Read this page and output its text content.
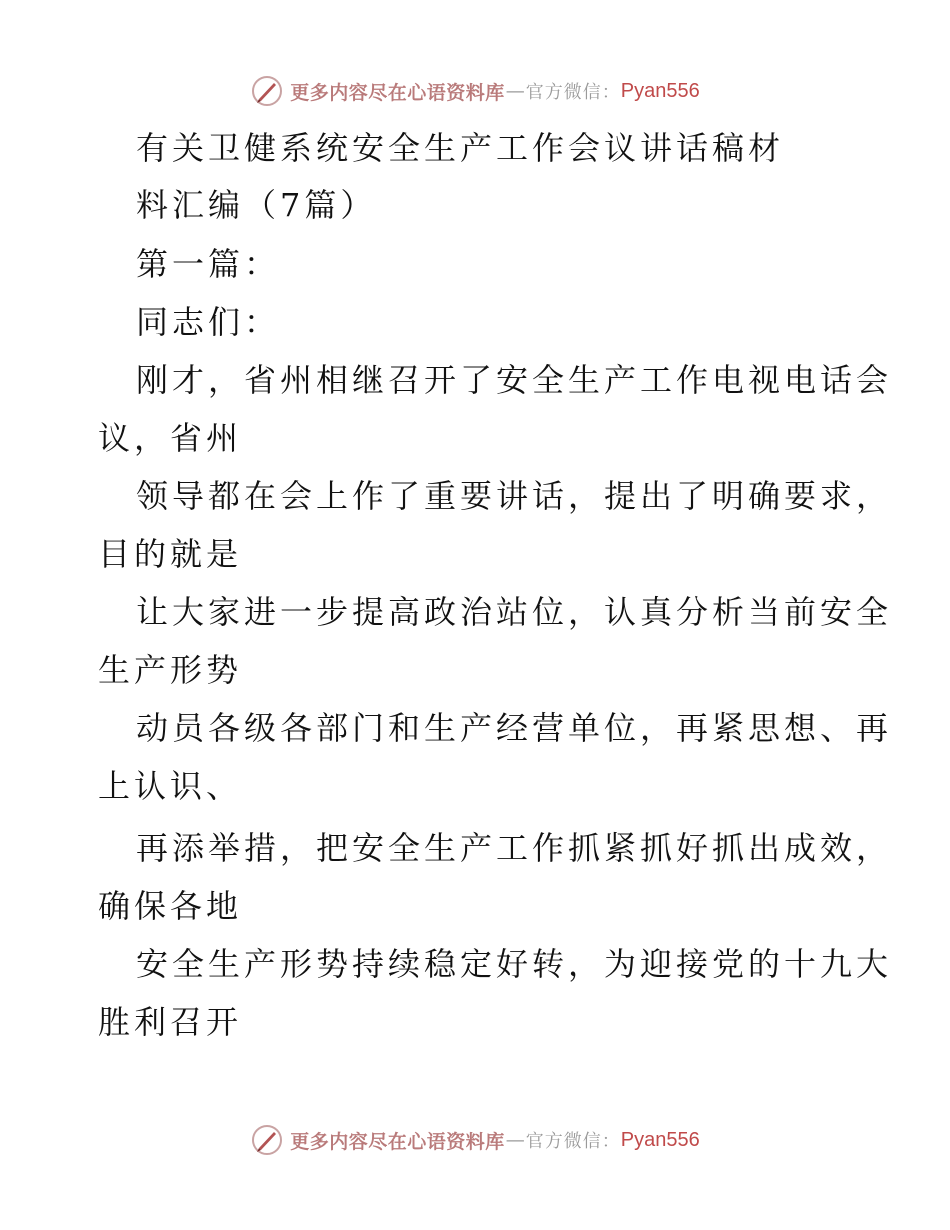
更多内容尽在心语资料库 — 官方微信： Pyan556
有关卫健系统安全生产工作会议讲话稿材
料汇编（7篇）
第一篇：
同志们：
刚才，省州相继召开了安全生产工作电视电话会
议，省州
领导都在会上作了重要讲话，提出了明确要求，
目的就是
让大家进一步提高政治站位，认真分析当前安全
生产形势
动员各级各部门和生产经营单位，再紧思想、再
上认识、
再添举措，把安全生产工作抓紧抓好抓出成效，
确保各地
安全生产形势持续稳定好转，为迎接党的十九大
胜利召开
更多内容尽在心语资料库 — 官方微信： Pyan556
